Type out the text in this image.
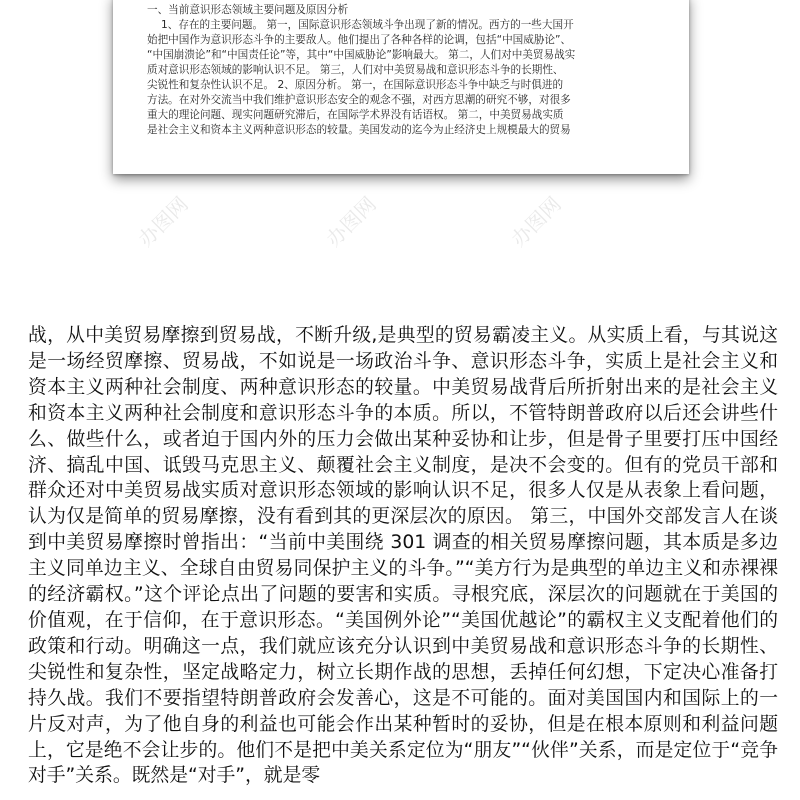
一、当前意识形态领域主要问题及原因分析

1、存在的主要问题。 第一，国际意识形态领域斗争出现了新的情况。西方的一些大国开

始把中国作为意识形态斗争的主要敌人。他们提出了各种各样的论调，包括“中国威胁论”、

“中国崩溃论”和“中国责任论”等，其中“中国威胁论”影响最大。 第二，人们对中美贸易战实

质对意识形态领域的影响认识不足。 第三，人们对中美贸易战和意识形态斗争的长期性、

尖锐性和复杂性认识不足。 2、原因分析。 第一，在国际意识形态斗争中缺乏与时俱进的

方法。在对外交流当中我们维护意识形态安全的观念不强，对西方思潮的研究不够，对很多

重大的理论问题、现实问题研究滞后，在国际学术界没有话语权。 第二，中美贸易战实质

是社会主义和资本主义两种意识形态的较量。美国发动的迄今为止经济史上规模最大的贸易

办图网	办图网	办图网

战，从中美贸易摩擦到贸易战，不断升级,是典型的贸易霸凌主义。从实质上看，与其说这是一场经贸摩擦、贸易战，不如说是一场政治斗争、意识形态斗争，实质上是社会主义和资本主义两种社会制度、两种意识形态的较量。中美贸易战背后所折射出来的是社会主义和资本主义两种社会制度和意识形态斗争的本质。所以，不管特朗普政府以后还会讲些什么、做些什么，或者迫于国内外的压力会做出某种妥协和让步，但是骨子里要打压中国经济、搞乱中国、诋毁马克思主义、颠覆社会主义制度，是决不会变的。但有的党员干部和群众还对中美贸易战实质对意识形态领域的影响认识不足，很多人仅是从表象上看问题，认为仅是简单的贸易摩擦，没有看到其的更深层次的原因。 第三，中国外交部发言人在谈到中美贸易摩擦时曾指出：“当前中美围绕 301 调查的相关贸易摩擦问题，其本质是多边主义同单边主义、全球自由贸易同保护主义的斗争。”“美方行为是典型的单边主义和赤裸裸的经济霸权。”这个评论点出了问题的要害和实质。寻根究底，深层次的问题就在于美国的价值观，在于信仰，在于意识形态。“美国例外论”“美国优越论”的霸权主义支配着他们的政策和行动。明确这一点，我们就应该充分认识到中美贸易战和意识形态斗争的长期性、尖锐性和复杂性，坚定战略定力，树立长期作战的思想，丢掉任何幻想，下定决心准备打持久战。我们不要指望特朗普政府会发善心，这是不可能的。面对美国国内和国际上的一片反对声，为了他自身的利益也可能会作出某种暂时的妥协，但是在根本原则和利益问题上，它是绝不会让步的。他们不是把中美关系定位为“朋友”“伙伴”关系，而是定位于“竞争对手”关系。既然是“对手”，就是零
